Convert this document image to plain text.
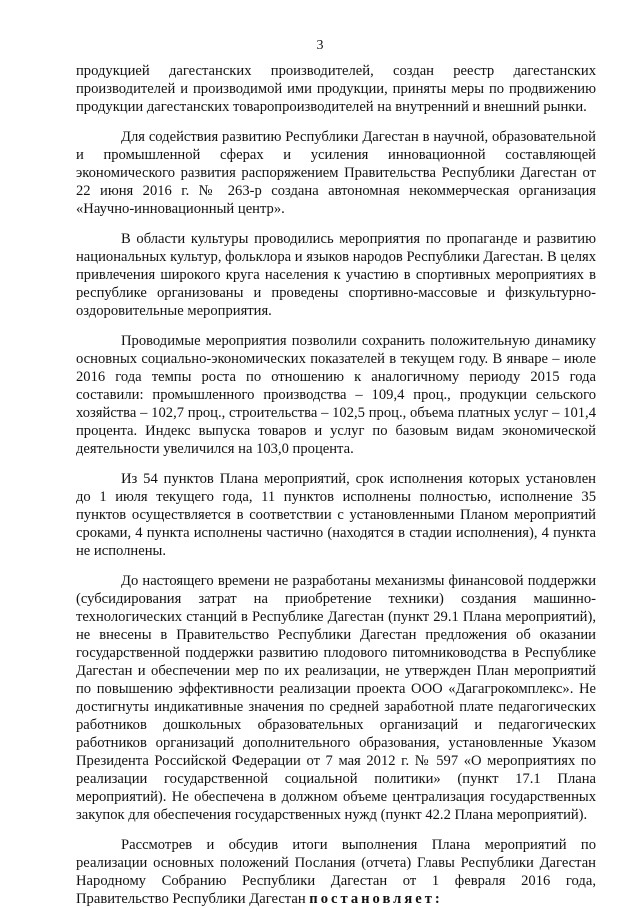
3

продукцией дагестанских производителей, создан реестр дагестанских производителей и производимой ими продукции, приняты меры по продвижению продукции дагестанских товаропроизводителей на внутренний и внешний рынки.

Для содействия развитию Республики Дагестан в научной, образовательной и промышленной сферах и усиления инновационной составляющей экономического развития распоряжением Правительства Республики Дагестан от 22 июня 2016 г. № 263-р создана автономная некоммерческая организация «Научно-инновационный центр».

В области культуры проводились мероприятия по пропаганде и развитию национальных культур, фольклора и языков народов Республики Дагестан. В целях привлечения широкого круга населения к участию в спортивных мероприятиях в республике организованы и проведены спортивно-массовые и физкультурно-оздоровительные мероприятия.

Проводимые мероприятия позволили сохранить положительную динамику основных социально-экономических показателей в текущем году. В январе – июле 2016 года темпы роста по отношению к аналогичному периоду 2015 года составили: промышленного производства – 109,4 проц., продукции сельского хозяйства – 102,7 проц., строительства – 102,5 проц., объема платных услуг – 101,4 процента. Индекс выпуска товаров и услуг по базовым видам экономической деятельности увеличился на 103,0 процента.

Из 54 пунктов Плана мероприятий, срок исполнения которых установлен до 1 июля текущего года, 11 пунктов исполнены полностью, исполнение 35 пунктов осуществляется в соответствии с установленными Планом мероприятий сроками, 4 пункта исполнены частично (находятся в стадии исполнения), 4 пункта не исполнены.

До настоящего времени не разработаны механизмы финансовой поддержки (субсидирования затрат на приобретение техники) создания машинно-технологических станций в Республике Дагестан (пункт 29.1 Плана мероприятий), не внесены в Правительство Республики Дагестан предложения об оказании государственной поддержки развитию плодового питомниководства в Республике Дагестан и обеспечении мер по их реализации, не утвержден План мероприятий по повышению эффективности реализации проекта ООО «Дагагрокомплекс». Не достигнуты индикативные значения по средней заработной плате педагогических работников дошкольных образовательных организаций и педагогических работников организаций дополнительного образования, установленные Указом Президента Российской Федерации от 7 мая 2012 г. № 597 «О мероприятиях по реализации государственной социальной политики» (пункт 17.1 Плана мероприятий). Не обеспечена в должном объеме централизация государственных закупок для обеспечения государственных нужд (пункт 42.2 Плана мероприятий).

Рассмотрев и обсудив итоги выполнения Плана мероприятий по реализации основных положений Послания (отчета) Главы Республики Дагестан Народному Собранию Республики Дагестан от 1 февраля 2016 года, Правительство Республики Дагестан постановляет:
